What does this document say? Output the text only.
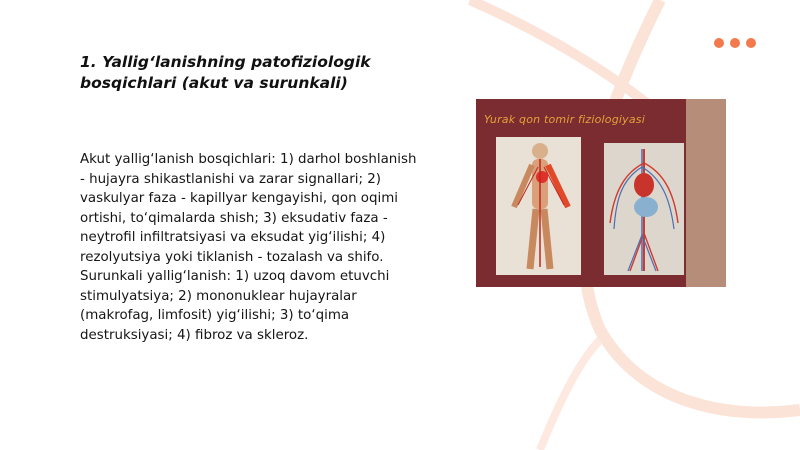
1. Yallig‘lanishning patofiziologik bosqichlari (akut va surunkali)

Akut yallig‘lanish bosqichlari: 1) darhol boshlanish - hujayra shikastlanishi va zarar signallari; 2) vaskulyar faza - kapillyar kengayishi, qon oqimi ortishi, to‘qimalarda shish; 3) eksudativ faza - neytrofil infiltratsiyasi va eksudat yig‘ilishi; 4) rezolyutsiya yoki tiklanish - tozalash va shifo. Surunkali yallig‘lanish: 1) uzoq davom etuvchi stimulyatsiya; 2) mononuklear hujayralar (makrofag, limfosit) yig‘ilishi; 3) to‘qima destruksiyasi; 4) fibroz va skleroz.

Yurak qon tomir fiziologiyasi
